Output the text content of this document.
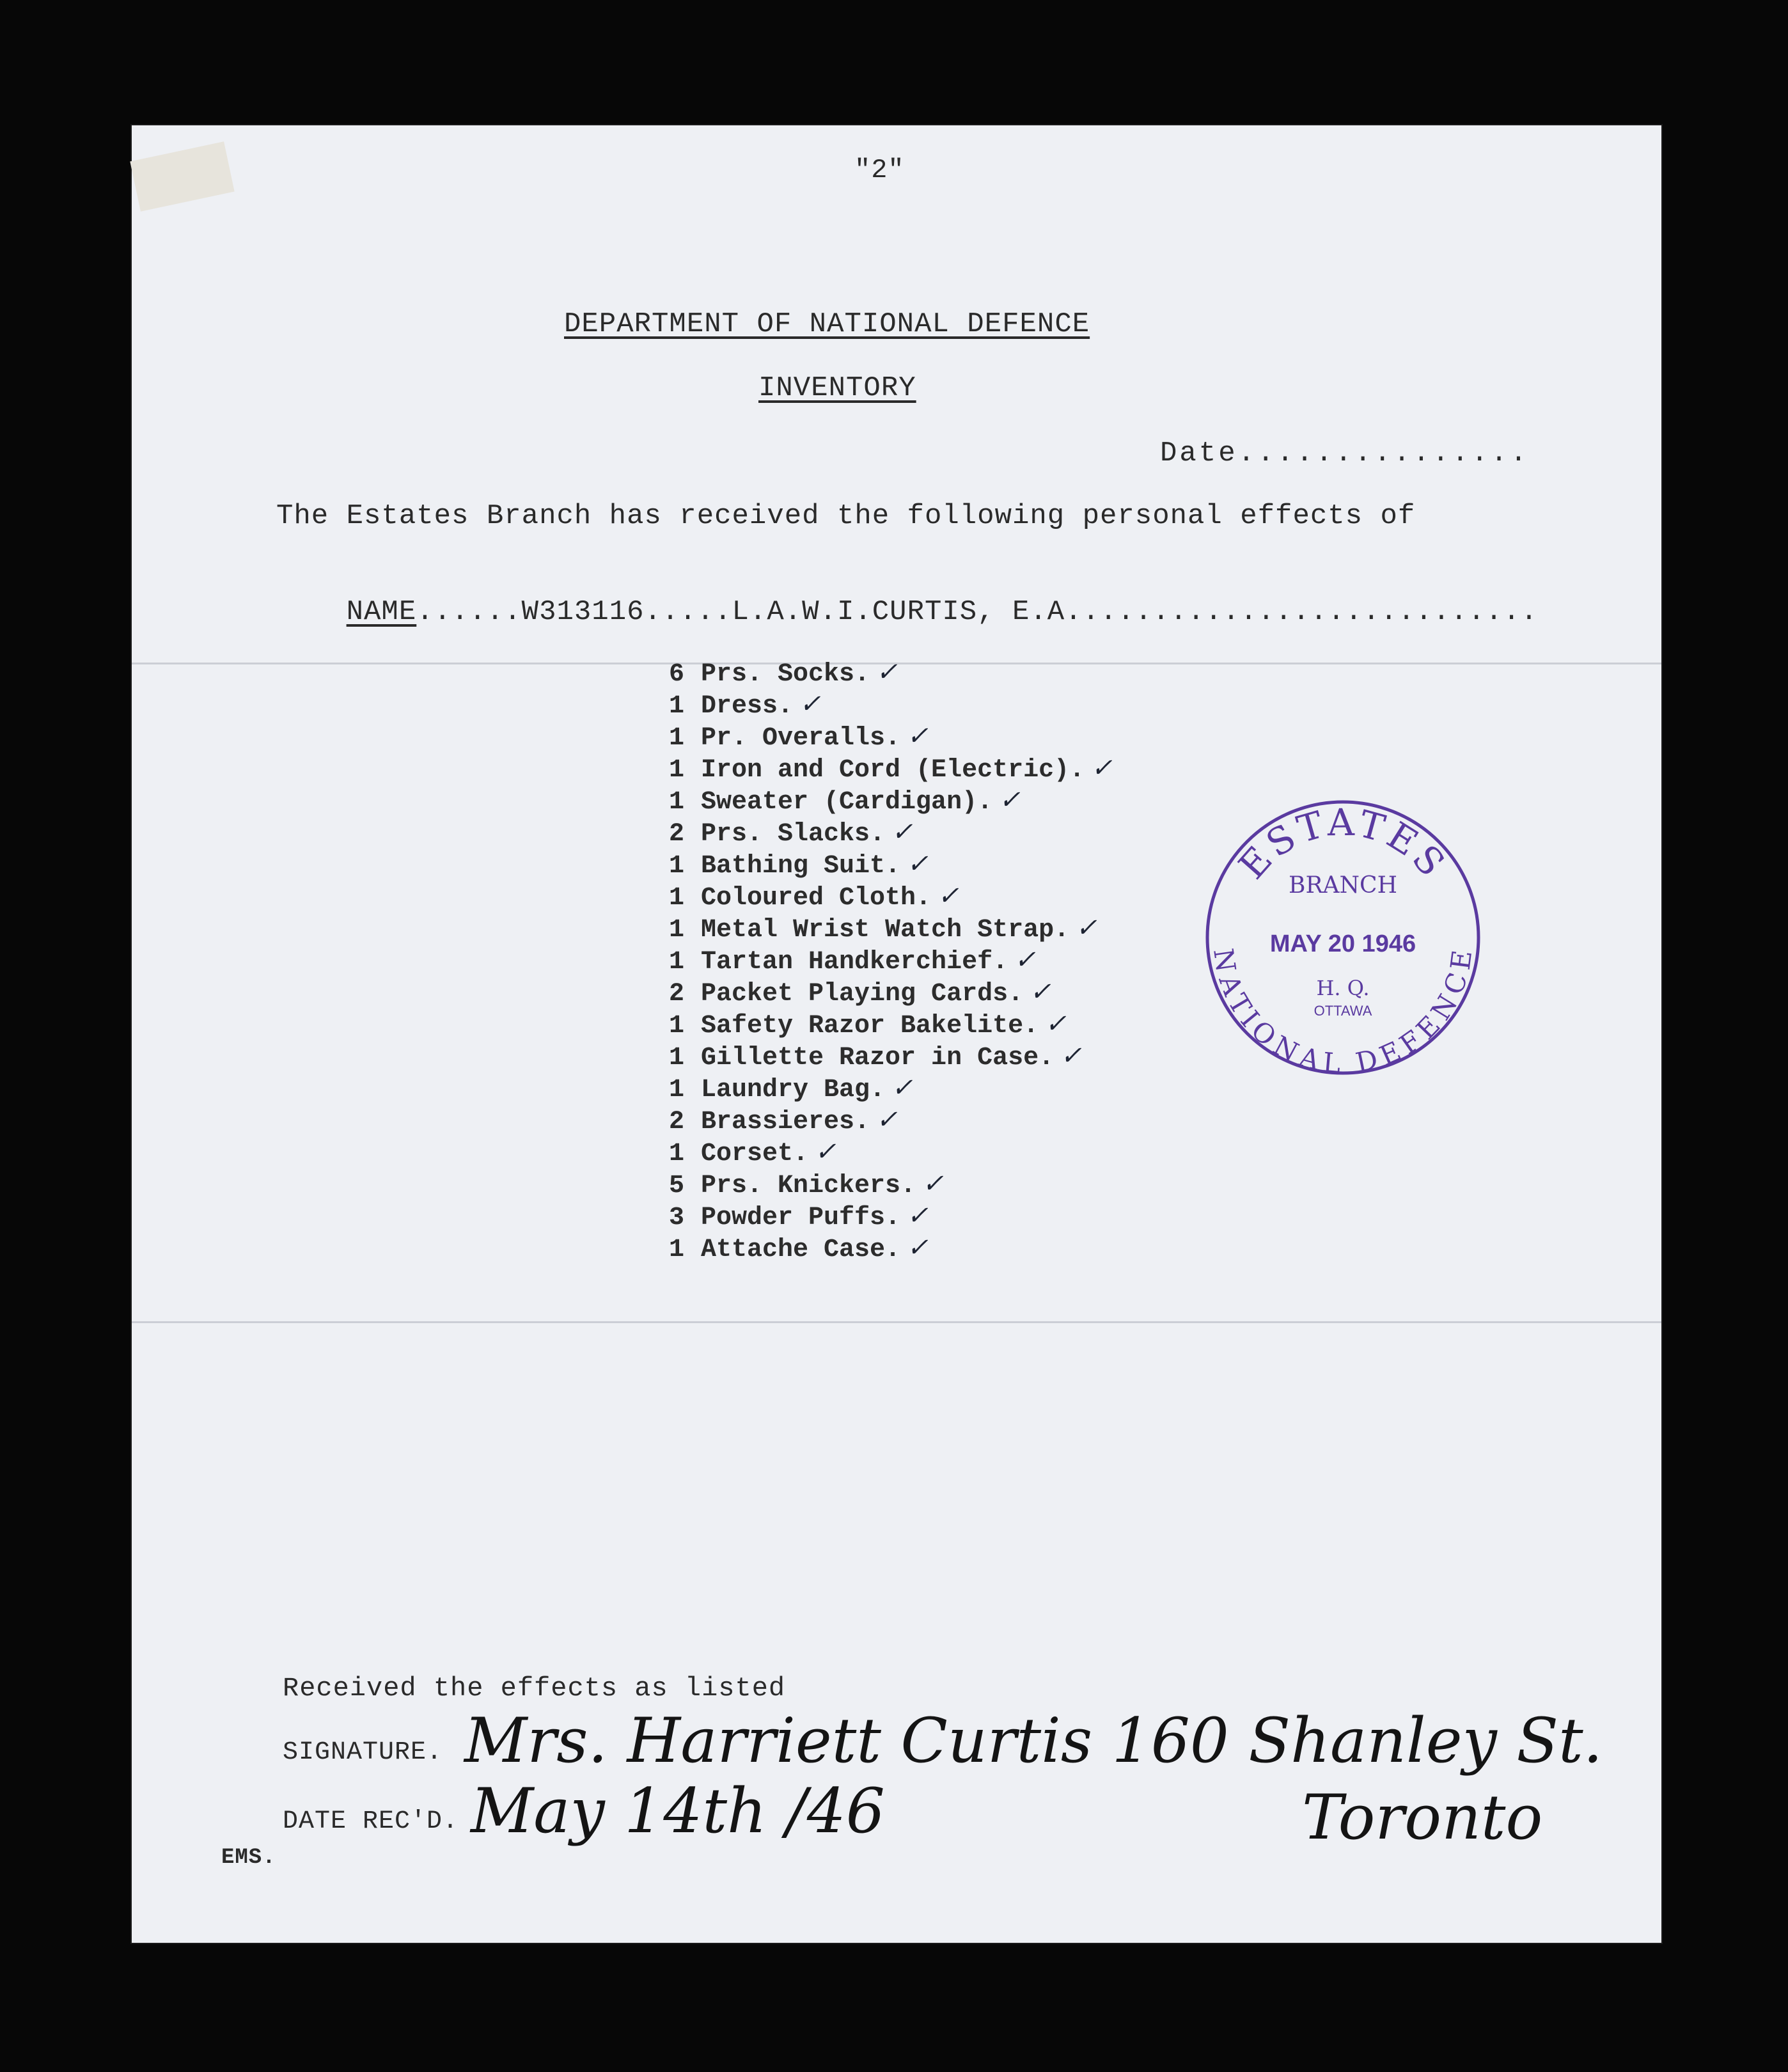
"2"
DEPARTMENT OF NATIONAL DEFENCE
INVENTORY
Date...............
The Estates Branch has received the following personal effects of

NAME......W313116.....L.A.W.I.CURTIS, E.A...........................

6 Prs. Socks. ✓
1 Dress. ✓
1 Pr. Overalls. ✓
1 Iron and Cord (Electric). ✓
1 Sweater (Cardigan). ✓
2 Prs. Slacks. ✓
1 Bathing Suit. ✓
1 Coloured Cloth. ✓
1 Metal Wrist Watch Strap. ✓
1 Tartan Handkerchief. ✓
2 Packet Playing Cards. ✓
1 Safety Razor Bakelite. ✓
1 Gillette Razor in Case. ✓
1 Laundry Bag. ✓
2 Brassieres. ✓
1 Corset. ✓
5 Prs. Knickers. ✓
3 Powder Puffs. ✓
1 Attache Case. ✓
ESTATES
BRANCH
MAY 20 1946
H. Q.
OTTAWA
NATIONAL DEFENCE
Received the effects as listed
SIGNATURE. Mrs. Harriett Curtis 160 Shanley St.
Toronto
DATE REC'D. May 14th /46
EMS.
